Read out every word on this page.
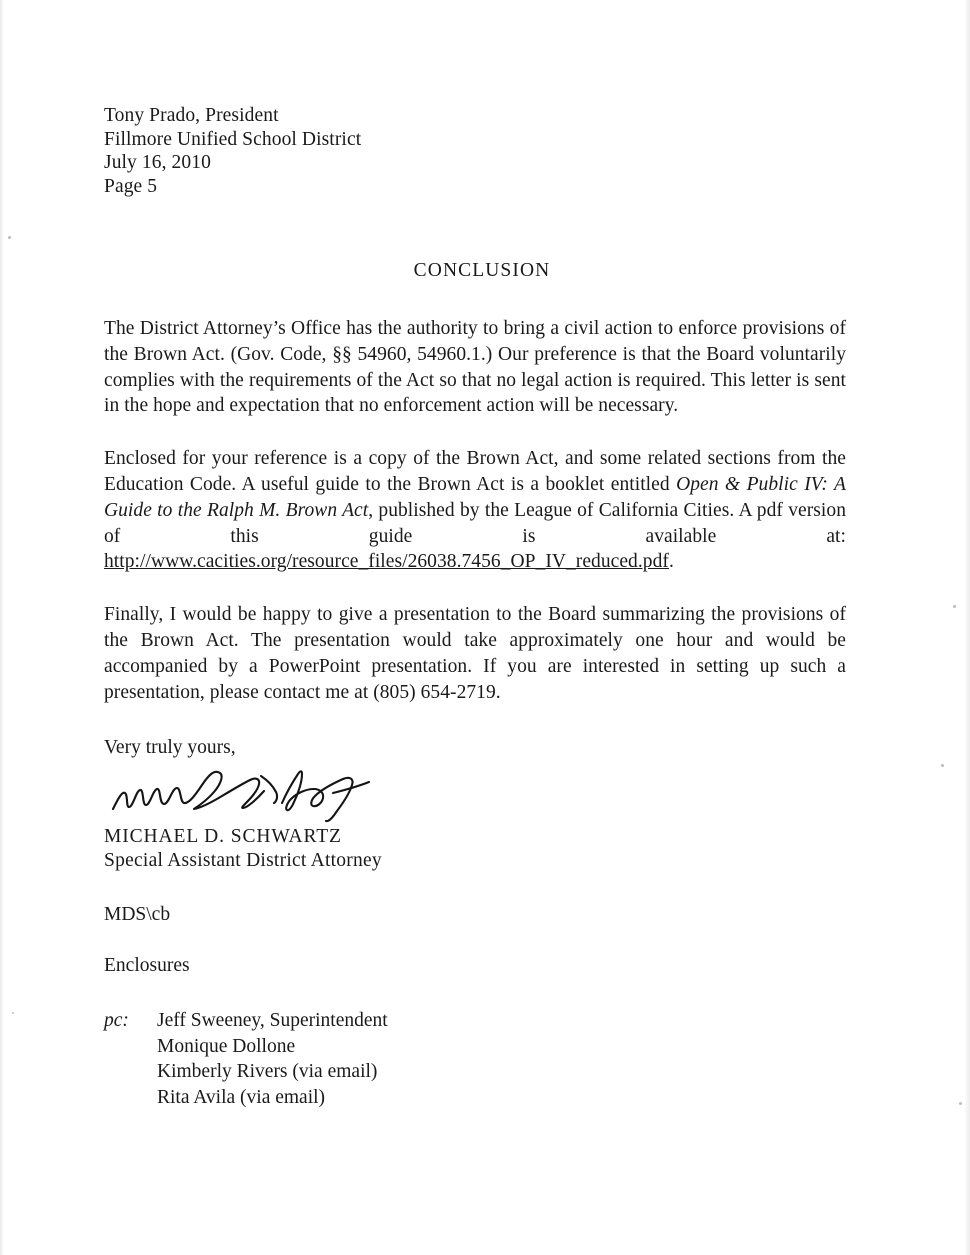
Tony Prado, President
Fillmore Unified School District
July 16, 2010
Page 5
CONCLUSION

The District Attorney’s Office has the authority to bring a civil action to enforce provisions of the Brown Act. (Gov. Code, §§ 54960, 54960.1.) Our preference is that the Board voluntarily complies with the requirements of the Act so that no legal action is required. This letter is sent in the hope and expectation that no enforcement action will be necessary.

Enclosed for your reference is a copy of the Brown Act, and some related sections from the Education Code. A useful guide to the Brown Act is a booklet entitled Open & Public IV: A Guide to the Ralph M. Brown Act, published by the League of California Cities. A pdf version of this guide is available at: http://www.cacities.org/resource_files/26038.7456_OP_IV_reduced.pdf.

Finally, I would be happy to give a presentation to the Board summarizing the provisions of the Brown Act. The presentation would take approximately one hour and would be accompanied by a PowerPoint presentation. If you are interested in setting up such a presentation, please contact me at (805) 654-2719.

Very truly yours,
MICHAEL D. SCHWARTZ
Special Assistant District Attorney
MDS\cb
Enclosures
pc:	Jeff Sweeney, Superintendent
Monique Dollone
Kimberly Rivers (via email)
Rita Avila (via email)
